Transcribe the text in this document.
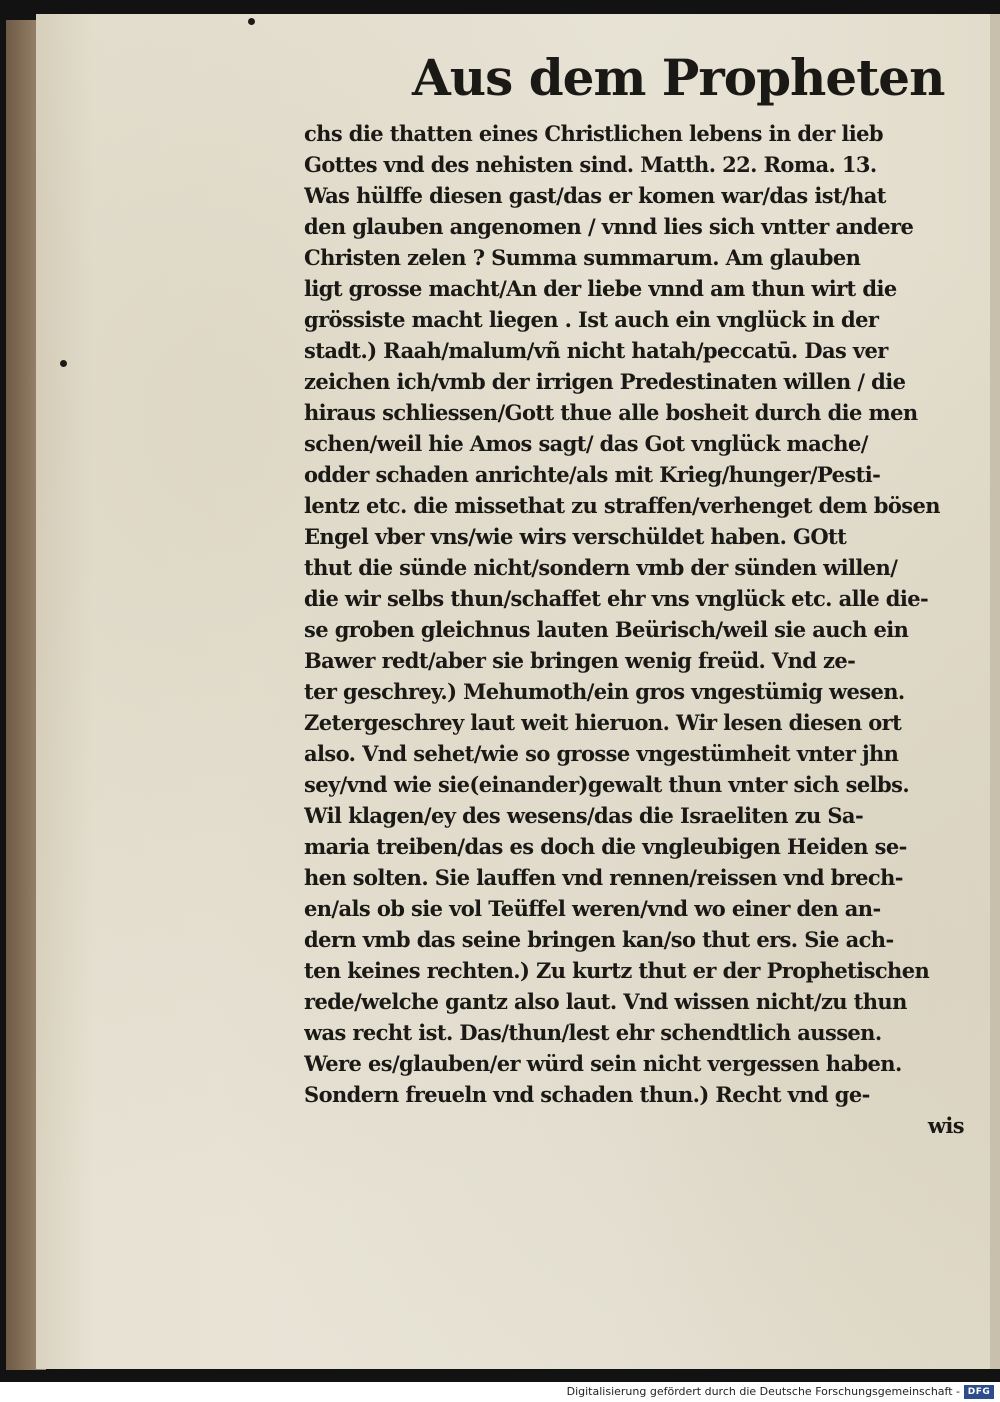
Aus dem Propheten
chs die thatten eines Christlichen lebens in der lieb
Gottes vnd des nehisten sind. Matth. 22. Roma. 13.
Was hülffe diesen gast/das er komen war/das ist/hat
den glauben angenomen / vnnd lies sich vntter andere
Christen zelen ? Summa summarum. Am glauben
ligt grosse macht/An der liebe vnnd am thun wirt die
grössiste macht liegen . Ist auch ein vnglück in der
stadt.) Raah/malum/vñ nicht hatah/peccatū. Das ver
zeichen ich/vmb der irrigen Predestinaten willen / die
hiraus schliessen/Gott thue alle bosheit durch die men
schen/weil hie Amos sagt/ das Got vnglück mache/
odder schaden anrichte/als mit Krieg/hunger/Pesti-
lentz etc. die missethat zu straffen/verhenget dem bösen
Engel vber vns/wie wirs verschüldet haben. GOtt
thut die sünde nicht/sondern vmb der sünden willen/
die wir selbs thun/schaffet ehr vns vnglück etc. alle die-
se groben gleichnus lauten Beürisch/weil sie auch ein
Bawer redt/aber sie bringen wenig freüd. Vnd ze-
ter geschrey.) Mehumoth/ein gros vngestümig wesen.
Zetergeschrey laut weit hieruon. Wir lesen diesen ort
also. Vnd sehet/wie so grosse vngestümheit vnter jhn
sey/vnd wie sie(einander)gewalt thun vnter sich selbs.
Wil klagen/ey des wesens/das die Israeliten zu Sa-
maria treiben/das es doch die vngleubigen Heiden se-
hen solten. Sie lauffen vnd rennen/reissen vnd brech-
en/als ob sie vol Teüffel weren/vnd wo einer den an-
dern vmb das seine bringen kan/so thut ers. Sie ach-
ten keines rechten.) Zu kurtz thut er der Prophetischen
rede/welche gantz also laut. Vnd wissen nicht/zu thun
was recht ist. Das/thun/lest ehr schendtlich aussen.
Were es/glauben/er würd sein nicht vergessen haben.
Sondern freueln vnd schaden thun.) Recht vnd ge-
wis
Digitalisierung gefördert durch die Deutsche Forschungsgemeinschaft - DFG
